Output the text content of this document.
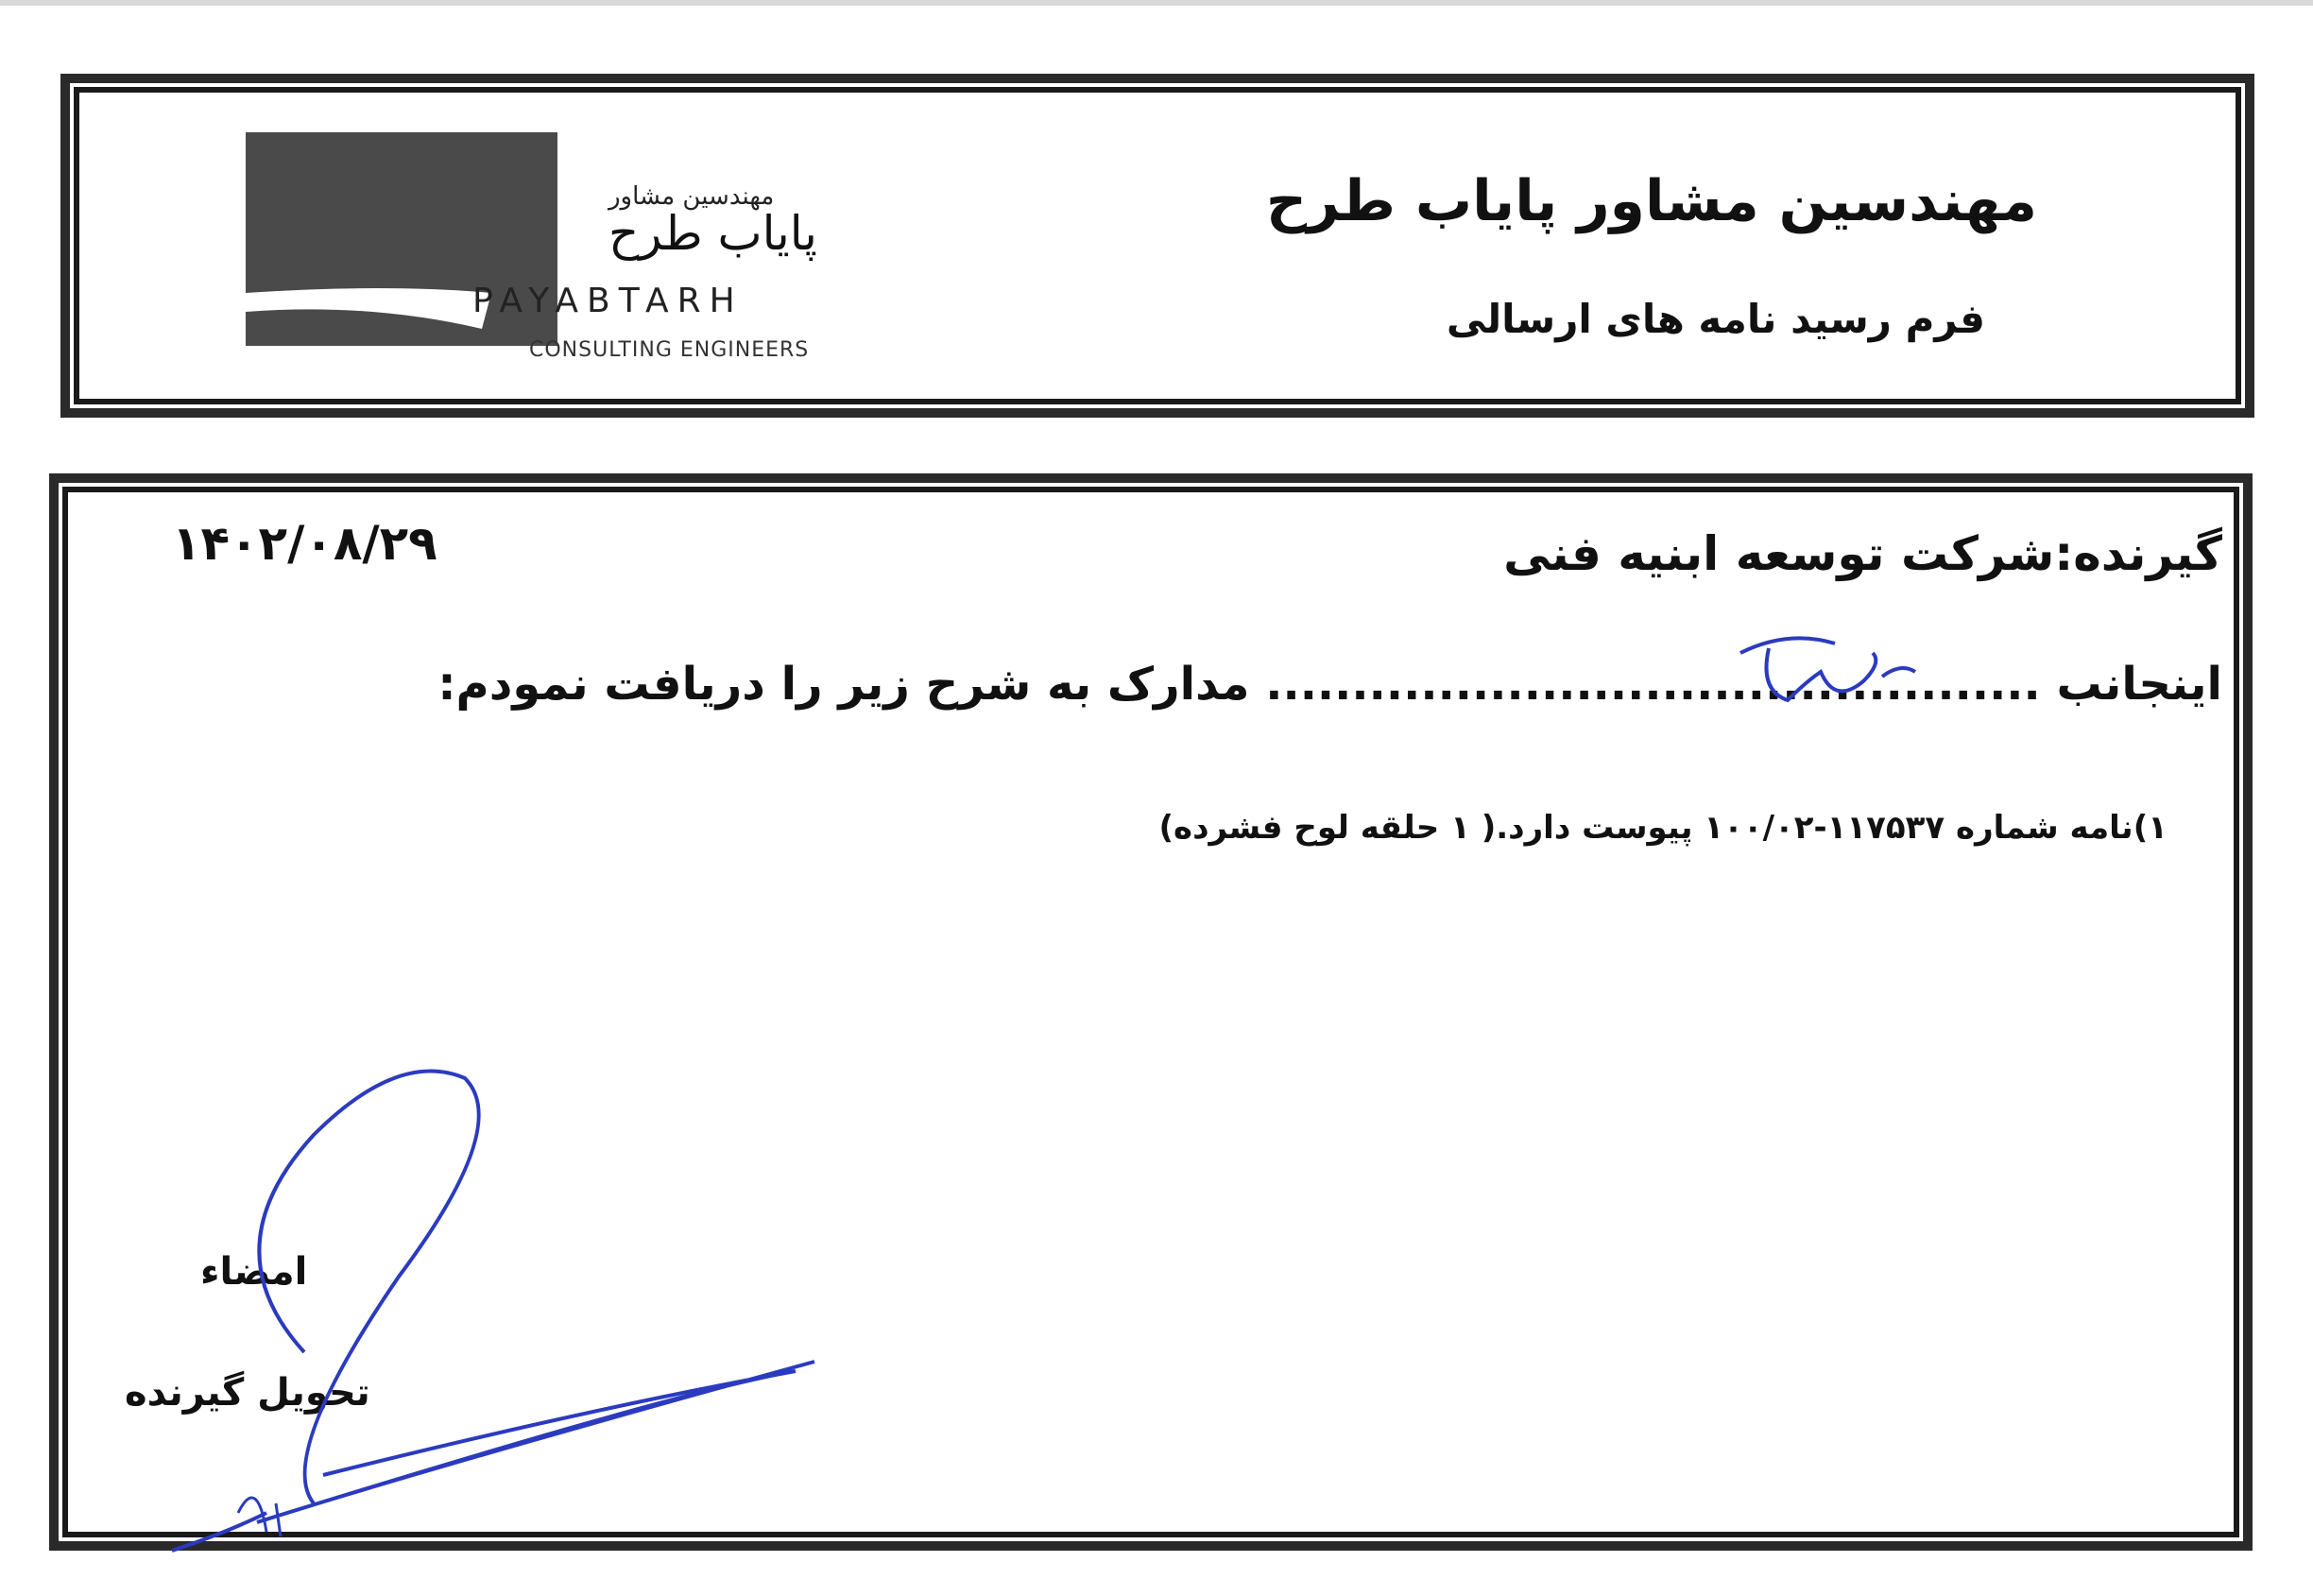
مهندسین مشاور
پایاب طرح
PAYABTARH
CONSULTING ENGINEERS
مهندسین مشاور پایاب طرح
فرم رسید نامه های ارسالی
۱۴۰۲/۰۸/۲۹	گیرنده:شرکت توسعه ابنیه فنی
اینجانب ............................................. مدارک به شرح زیر را دریافت نمودم:
۱)نامه شماره ۱۱۷۵۳۷-۱۰۰/۰۲ پیوست دارد.( ۱ حلقه لوح فشرده)
امضاء
تحویل گیرنده
